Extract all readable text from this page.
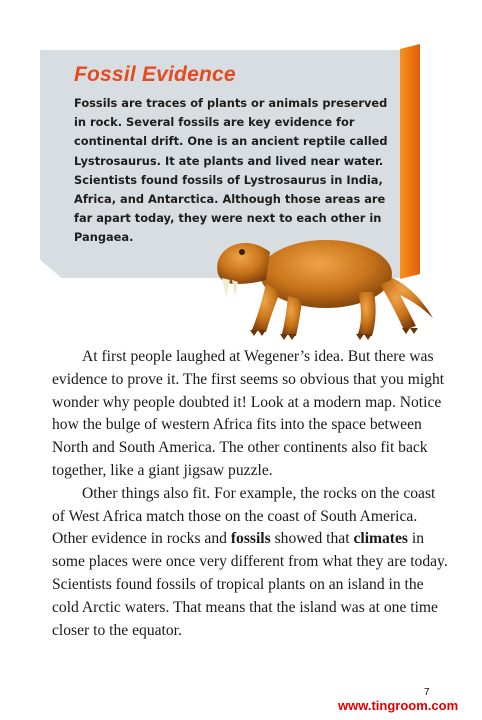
Fossil Evidence

Fossils are traces of plants or animals preserved in rock. Several fossils are key evidence for continental drift. One is an ancient reptile called Lystrosaurus. It ate plants and lived near water. Scientists found fossils of Lystrosaurus in India, Africa, and Antarctica. Although those areas are far apart today, they were next to each other in Pangaea.

At first people laughed at Wegener’s idea. But there was evidence to prove it. The first seems so obvious that you might wonder why people doubted it! Look at a modern map. Notice how the bulge of western Africa fits into the space between North and South America. The other continents also fit back together, like a giant jigsaw puzzle.

Other things also fit. For example, the rocks on the coast of West Africa match those on the coast of South America. Other evidence in rocks and fossils showed that climates in some places were once very different from what they are today. Scientists found fossils of tropical plants on an island in the cold Arctic waters. That means that the island was at one time closer to the equator.

7
www.tingroom.com
